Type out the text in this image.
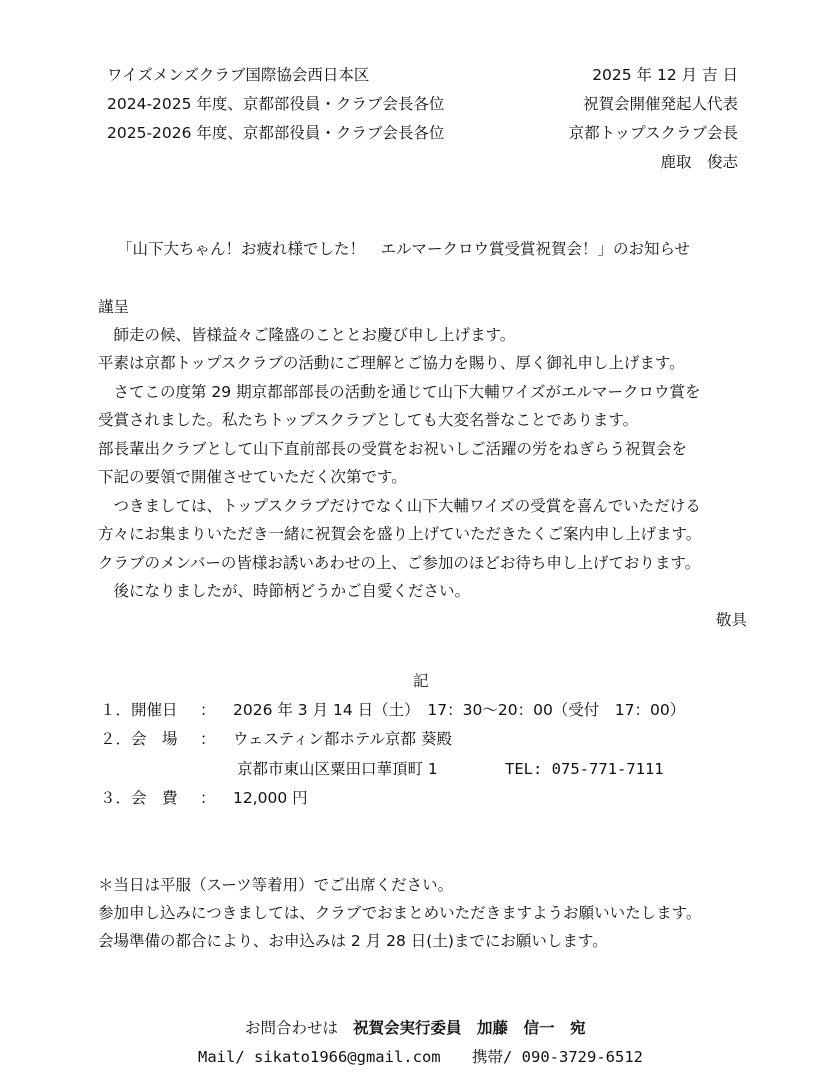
ワイズメンズクラブ国際協会西日本区
2024-2025 年度、京都部役員・クラブ会長各位
2025-2026 年度、京都部役員・クラブ会長各位
2025 年 12 月 吉 日
祝賀会開催発起人代表
京都トップスクラブ会長
鹿取　俊志
「山下大ちゃん！お疲れ様でした！　エルマークロウ賞受賞祝賀会！」のお知らせ
謹呈
　師走の候、皆様益々ご隆盛のこととお慶び申し上げます。
平素は京都トップスクラブの活動にご理解とご協力を賜り、厚く御礼申し上げます。
　さてこの度第 29 期京都部部長の活動を通じて山下大輔ワイズがエルマークロウ賞を
受賞されました。私たちトップスクラブとしても大変名誉なことであります。
部長輩出クラブとして山下直前部長の受賞をお祝いしご活躍の労をねぎらう祝賀会を
下記の要領で開催させていただく次第です。
　つきましては、トップスクラブだけでなく山下大輔ワイズの受賞を喜んでいただける
方々にお集まりいただき一緒に祝賀会を盛り上げていただきたくご案内申し上げます。
クラブのメンバーの皆様お誘いあわせの上、ご参加のほどお待ち申し上げております。
　後になりましたが、時節柄どうかご自愛ください。
敬具
記
１．開催日 ： 2026 年 3 月 14 日（土）　17：30～20：00（受付　17：00）
２．会　場 ： ウェスティン都ホテル京都 葵殿
京都市東山区粟田口華頂町 1	TEL: 075-771-7111
３．会　費 ： 12,000 円
＊当日は平服（スーツ等着用）でご出席ください。
参加申し込みにつきましては、クラブでおまとめいただきますようお願いいたします。
会場準備の都合により、お申込みは 2 月 28 日(土)までにお願いします。
お問合わせは 祝賀会実行委員　加藤　信一　宛
Mail/ sikato1966@gmail.com 携帯/ 090-3729-6512
